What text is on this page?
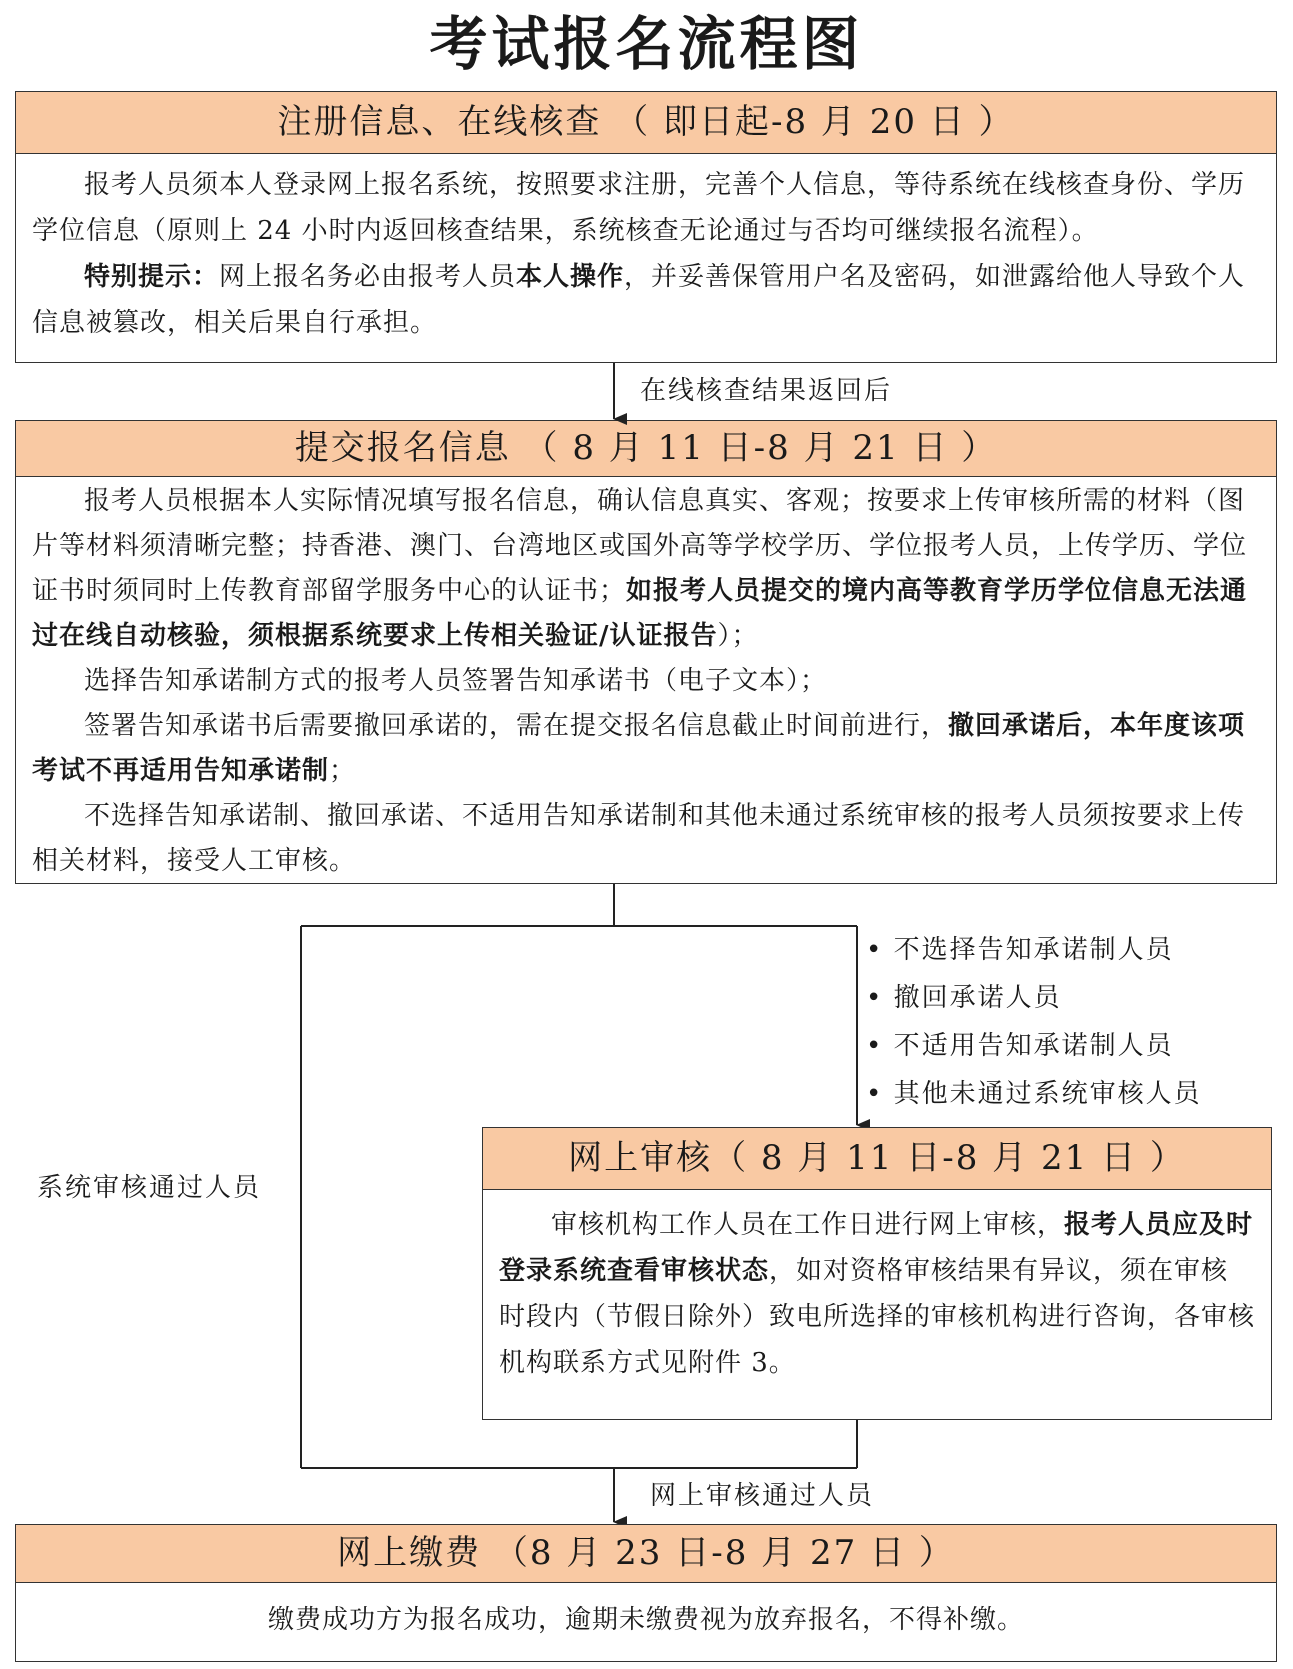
考试报名流程图
注册信息、在线核查 （ 即日起-8 月 20 日 ）

报考人员须本人登录网上报名系统，按照要求注册，完善个人信息，等待系统在线核查身份、学历学位信息（原则上 24 小时内返回核查结果，系统核查无论通过与否均可继续报名流程）。

特别提示：网上报名务必由报考人员本人操作，并妥善保管用户名及密码，如泄露给他人导致个人信息被篡改，相关后果自行承担。

在线核查结果返回后
提交报名信息 （ 8 月 11 日-8 月 21 日 ）

报考人员根据本人实际情况填写报名信息，确认信息真实、客观；按要求上传审核所需的材料（图片等材料须清晰完整；持香港、澳门、台湾地区或国外高等学校学历、学位报考人员，上传学历、学位证书时须同时上传教育部留学服务中心的认证书；如报考人员提交的境内高等教育学历学位信息无法通过在线自动核验，须根据系统要求上传相关验证/认证报告）；

选择告知承诺制方式的报考人员签署告知承诺书（电子文本）；

签署告知承诺书后需要撤回承诺的，需在提交报名信息截止时间前进行，撤回承诺后，本年度该项考试不再适用告知承诺制；

不选择告知承诺制、撤回承诺、不适用告知承诺制和其他未通过系统审核的报考人员须按要求上传相关材料，接受人工审核。

• 不选择告知承诺制人员
• 撤回承诺人员
• 不适用告知承诺制人员
• 其他未通过系统审核人员
系统审核通过人员
网上审核（ 8 月 11 日-8 月 21 日 ）

审核机构工作人员在工作日进行网上审核，报考人员应及时登录系统查看审核状态，如对资格审核结果有异议，须在审核时段内（节假日除外）致电所选择的审核机构进行咨询，各审核机构联系方式见附件 3。

网上审核通过人员
网上缴费 （8 月 23 日-8 月 27 日 ）
缴费成功方为报名成功，逾期未缴费视为放弃报名，不得补缴。
